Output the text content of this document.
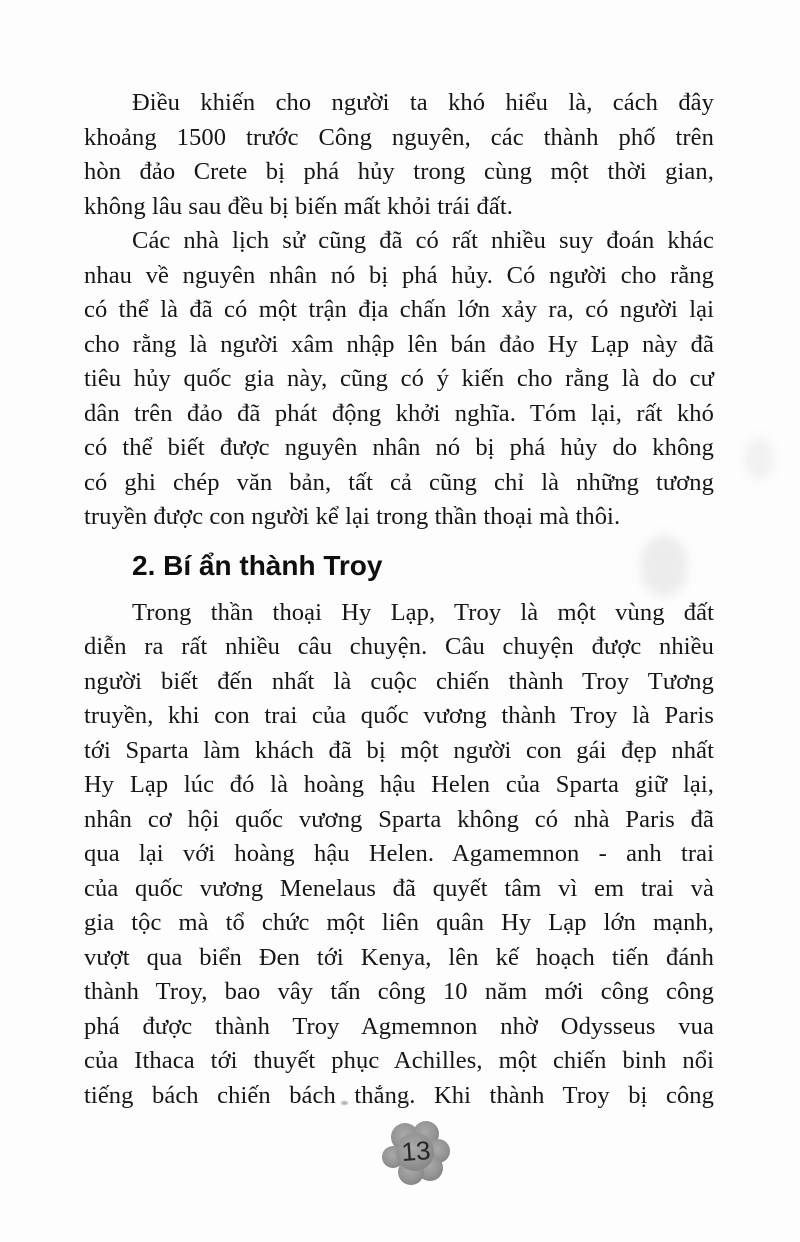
Điều khiến cho người ta khó hiểu là, cách đây
khoảng 1500 trước Công nguyên, các thành phố trên
hòn đảo Crete bị phá hủy trong cùng một thời gian,
không lâu sau đều bị biến mất khỏi trái đất.
Các nhà lịch sử cũng đã có rất nhiều suy đoán khác
nhau về nguyên nhân nó bị phá hủy. Có người cho rằng
có thể là đã có một trận địa chấn lớn xảy ra, có người lại
cho rằng là người xâm nhập lên bán đảo Hy Lạp này đã
tiêu hủy quốc gia này, cũng có ý kiến cho rằng là do cư
dân trên đảo đã phát động khởi nghĩa. Tóm lại, rất khó
có thể biết được nguyên nhân nó bị phá hủy do không
có ghi chép văn bản, tất cả cũng chỉ là những tương
truyền được con người kể lại trong thần thoại mà thôi.
2. Bí ẩn thành Troy
Trong thần thoại Hy Lạp, Troy là một vùng đất
diễn ra rất nhiều câu chuyện. Câu chuyện được nhiều
người biết đến nhất là cuộc chiến thành Troy Tương
truyền, khi con trai của quốc vương thành Troy là Paris
tới Sparta làm khách đã bị một người con gái đẹp nhất
Hy Lạp lúc đó là hoàng hậu Helen của Sparta giữ lại,
nhân cơ hội quốc vương Sparta không có nhà Paris đã
qua lại với hoàng hậu Helen. Agamemnon - anh trai
của quốc vương Menelaus đã quyết tâm vì em trai và
gia tộc mà tổ chức một liên quân Hy Lạp lớn mạnh,
vượt qua biển Đen tới Kenya, lên kế hoạch tiến đánh
thành Troy, bao vây tấn công 10 năm mới công công
phá được thành Troy Agmemnon nhờ Odysseus vua
của Ithaca tới thuyết phục Achilles, một chiến binh nổi
tiếng bách chiến bách thắng. Khi thành Troy bị công
13
